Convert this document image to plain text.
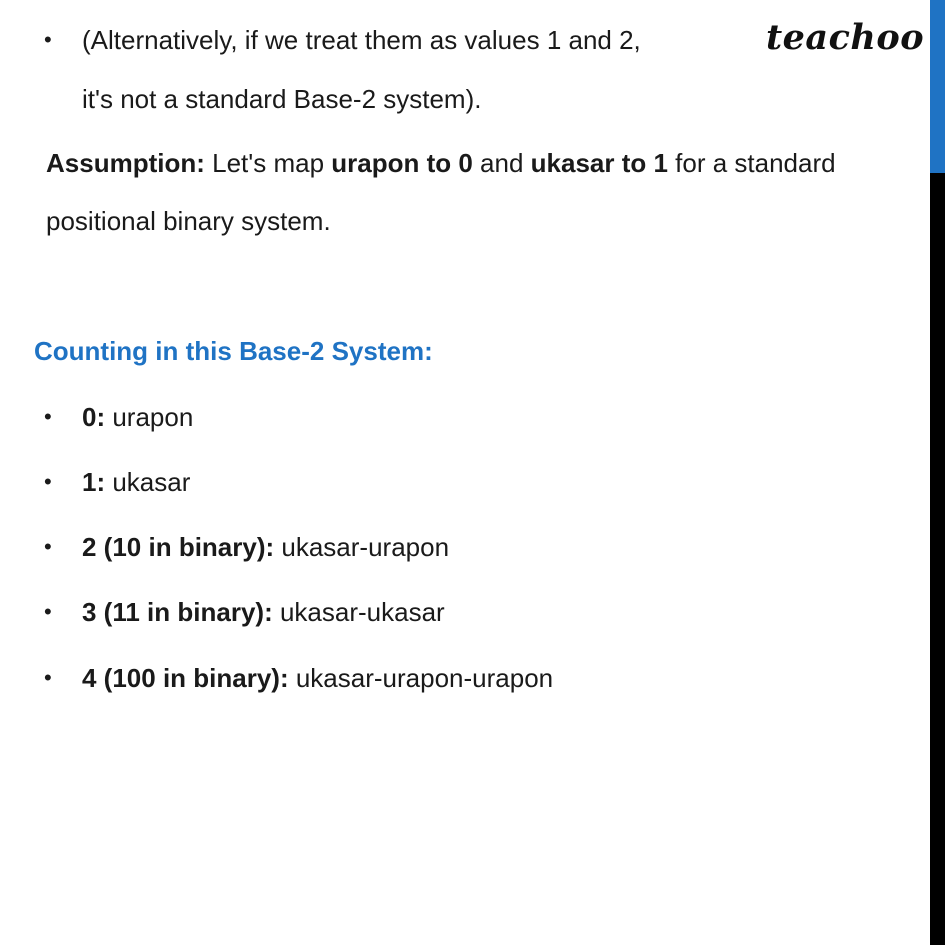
teachoo
• (Alternatively, if we treat them as values 1 and 2,
it's not a standard Base-2 system).
Assumption: Let's map urapon to 0 and ukasar to 1 for a standard
positional binary system.
Counting in this Base-2 System:
• 0: urapon
• 1: ukasar
• 2 (10 in binary): ukasar-urapon
• 3 (11 in binary): ukasar-ukasar
• 4 (100 in binary): ukasar-urapon-urapon
